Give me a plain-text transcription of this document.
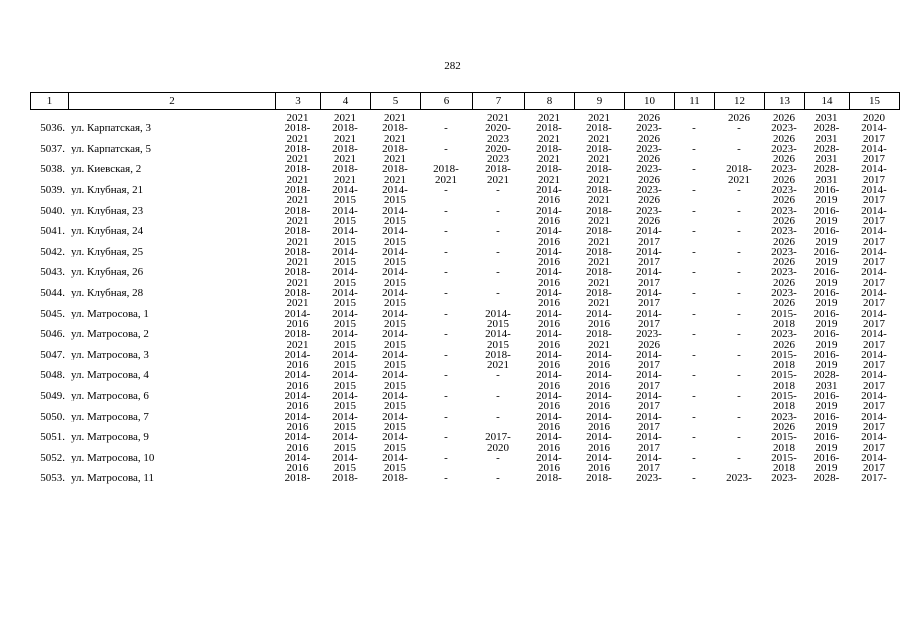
282
1	2	3	4	5	6	7	8	9	10	11	12	13	14	15
		2021	2021	2021		2021	2021	2021	2026		2026	2026	2031	2020
5036.	ул. Карпатская, 3	2018-	2018-	2018-	-	2020-	2018-	2018-	2023-	-	-	2023-	2028-	2014-
		2021	2021	2021		2023	2021	2021	2026			2026	2031	2017
5037.	ул. Карпатская, 5	2018-	2018-	2018-	-	2020-	2018-	2018-	2023-	-	-	2023-	2028-	2014-
		2021	2021	2021		2023	2021	2021	2026			2026	2031	2017
5038.	ул. Киевская, 2	2018-	2018-	2018-	2018-	2018-	2018-	2018-	2023-	-	2018-	2023-	2028-	2014-
		2021	2021	2021	2021	2021	2021	2021	2026		2021	2026	2031	2017
5039.	ул. Клубная, 21	2018-	2014-	2014-	-	-	2014-	2018-	2023-	-	-	2023-	2016-	2014-
		2021	2015	2015			2016	2021	2026			2026	2019	2017
5040.	ул. Клубная, 23	2018-	2014-	2014-	-	-	2014-	2018-	2023-	-	-	2023-	2016-	2014-
		2021	2015	2015			2016	2021	2026			2026	2019	2017
5041.	ул. Клубная, 24	2018-	2014-	2014-	-	-	2014-	2018-	2014-	-	-	2023-	2016-	2014-
		2021	2015	2015			2016	2021	2017			2026	2019	2017
5042.	ул. Клубная, 25	2018-	2014-	2014-	-	-	2014-	2018-	2014-	-	-	2023-	2016-	2014-
		2021	2015	2015			2016	2021	2017			2026	2019	2017
5043.	ул. Клубная, 26	2018-	2014-	2014-	-	-	2014-	2018-	2014-	-	-	2023-	2016-	2014-
		2021	2015	2015			2016	2021	2017			2026	2019	2017
5044.	ул. Клубная, 28	2018-	2014-	2014-	-	-	2014-	2018-	2014-	-	-	2023-	2016-	2014-
		2021	2015	2015			2016	2021	2017			2026	2019	2017
5045.	ул. Матросова, 1	2014-	2014-	2014-	-	2014-	2014-	2014-	2014-	-	-	2015-	2016-	2014-
		2016	2015	2015		2015	2016	2016	2017			2018	2019	2017
5046.	ул. Матросова, 2	2018-	2014-	2014-	-	2014-	2014-	2018-	2023-	-	-	2023-	2016-	2014-
		2021	2015	2015		2015	2016	2021	2026			2026	2019	2017
5047.	ул. Матросова, 3	2014-	2014-	2014-	-	2018-	2014-	2014-	2014-	-	-	2015-	2016-	2014-
		2016	2015	2015		2021	2016	2016	2017			2018	2019	2017
5048.	ул. Матросова, 4	2014-	2014-	2014-	-	-	2014-	2014-	2014-	-	-	2015-	2028-	2014-
		2016	2015	2015			2016	2016	2017			2018	2031	2017
5049.	ул. Матросова, 6	2014-	2014-	2014-	-	-	2014-	2014-	2014-	-	-	2015-	2016-	2014-
		2016	2015	2015			2016	2016	2017			2018	2019	2017
5050.	ул. Матросова, 7	2014-	2014-	2014-	-	-	2014-	2014-	2014-	-	-	2023-	2016-	2014-
		2016	2015	2015			2016	2016	2017			2026	2019	2017
5051.	ул. Матросова, 9	2014-	2014-	2014-	-	2017-	2014-	2014-	2014-	-	-	2015-	2016-	2014-
		2016	2015	2015		2020	2016	2016	2017			2018	2019	2017
5052.	ул. Матросова, 10	2014-	2014-	2014-	-	-	2014-	2014-	2014-	-	-	2015-	2016-	2014-
		2016	2015	2015			2016	2016	2017			2018	2019	2017
5053.	ул. Матросова, 11	2018-	2018-	2018-	-	-	2018-	2018-	2023-	-	2023-	2023-	2028-	2017-
